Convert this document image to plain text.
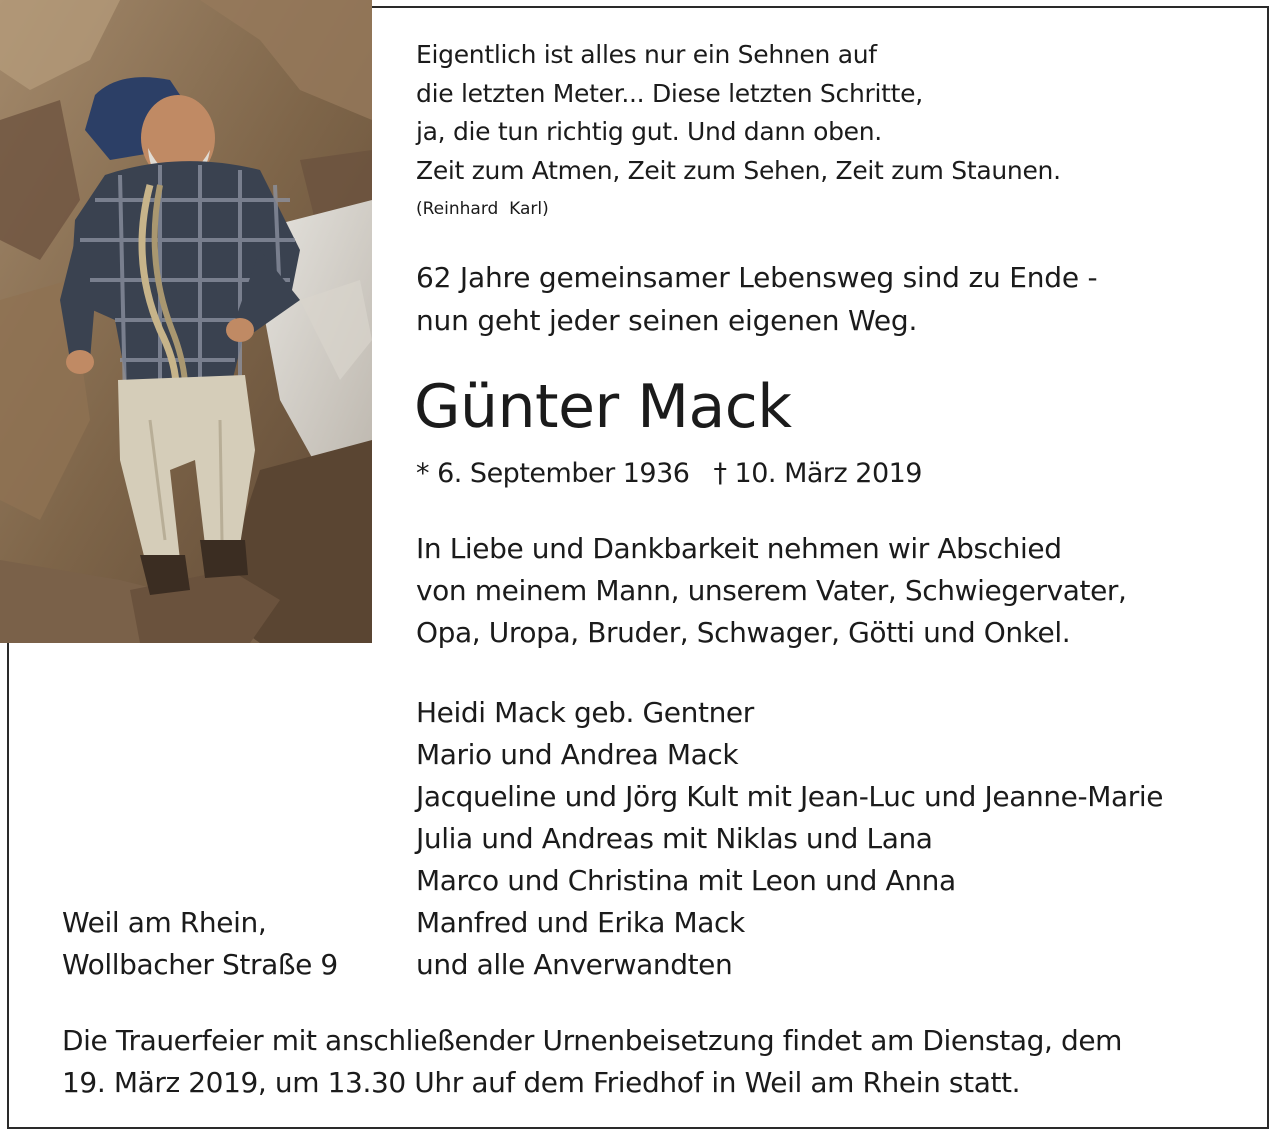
Eigentlich ist alles nur ein Sehnen auf
die letzten Meter... Diese letzten Schritte,
ja, die tun richtig gut. Und dann oben.
Zeit zum Atmen, Zeit zum Sehen, Zeit zum Staunen.
(Reinhard  Karl)
62 Jahre gemeinsamer Lebensweg sind zu Ende -
nun geht jeder seinen eigenen Weg.
Günter Mack
* 6. September 1936 † 10. März 2019
In Liebe und Dankbarkeit nehmen wir Abschied
von meinem Mann, unserem Vater, Schwiegervater,
Opa, Uropa, Bruder, Schwager, Götti und Onkel.
Heidi Mack geb. Gentner
Mario und Andrea Mack
Jacqueline und Jörg Kult mit Jean-Luc und Jeanne-Marie
Julia und Andreas mit Niklas und Lana
Marco und Christina mit Leon und Anna
Manfred und Erika Mack
und alle Anverwandten
Weil am Rhein,
Wollbacher Straße 9
Die Trauerfeier mit anschließender Urnenbeisetzung findet am Dienstag, dem
19. März 2019, um 13.30 Uhr auf dem Friedhof in Weil am Rhein statt.
